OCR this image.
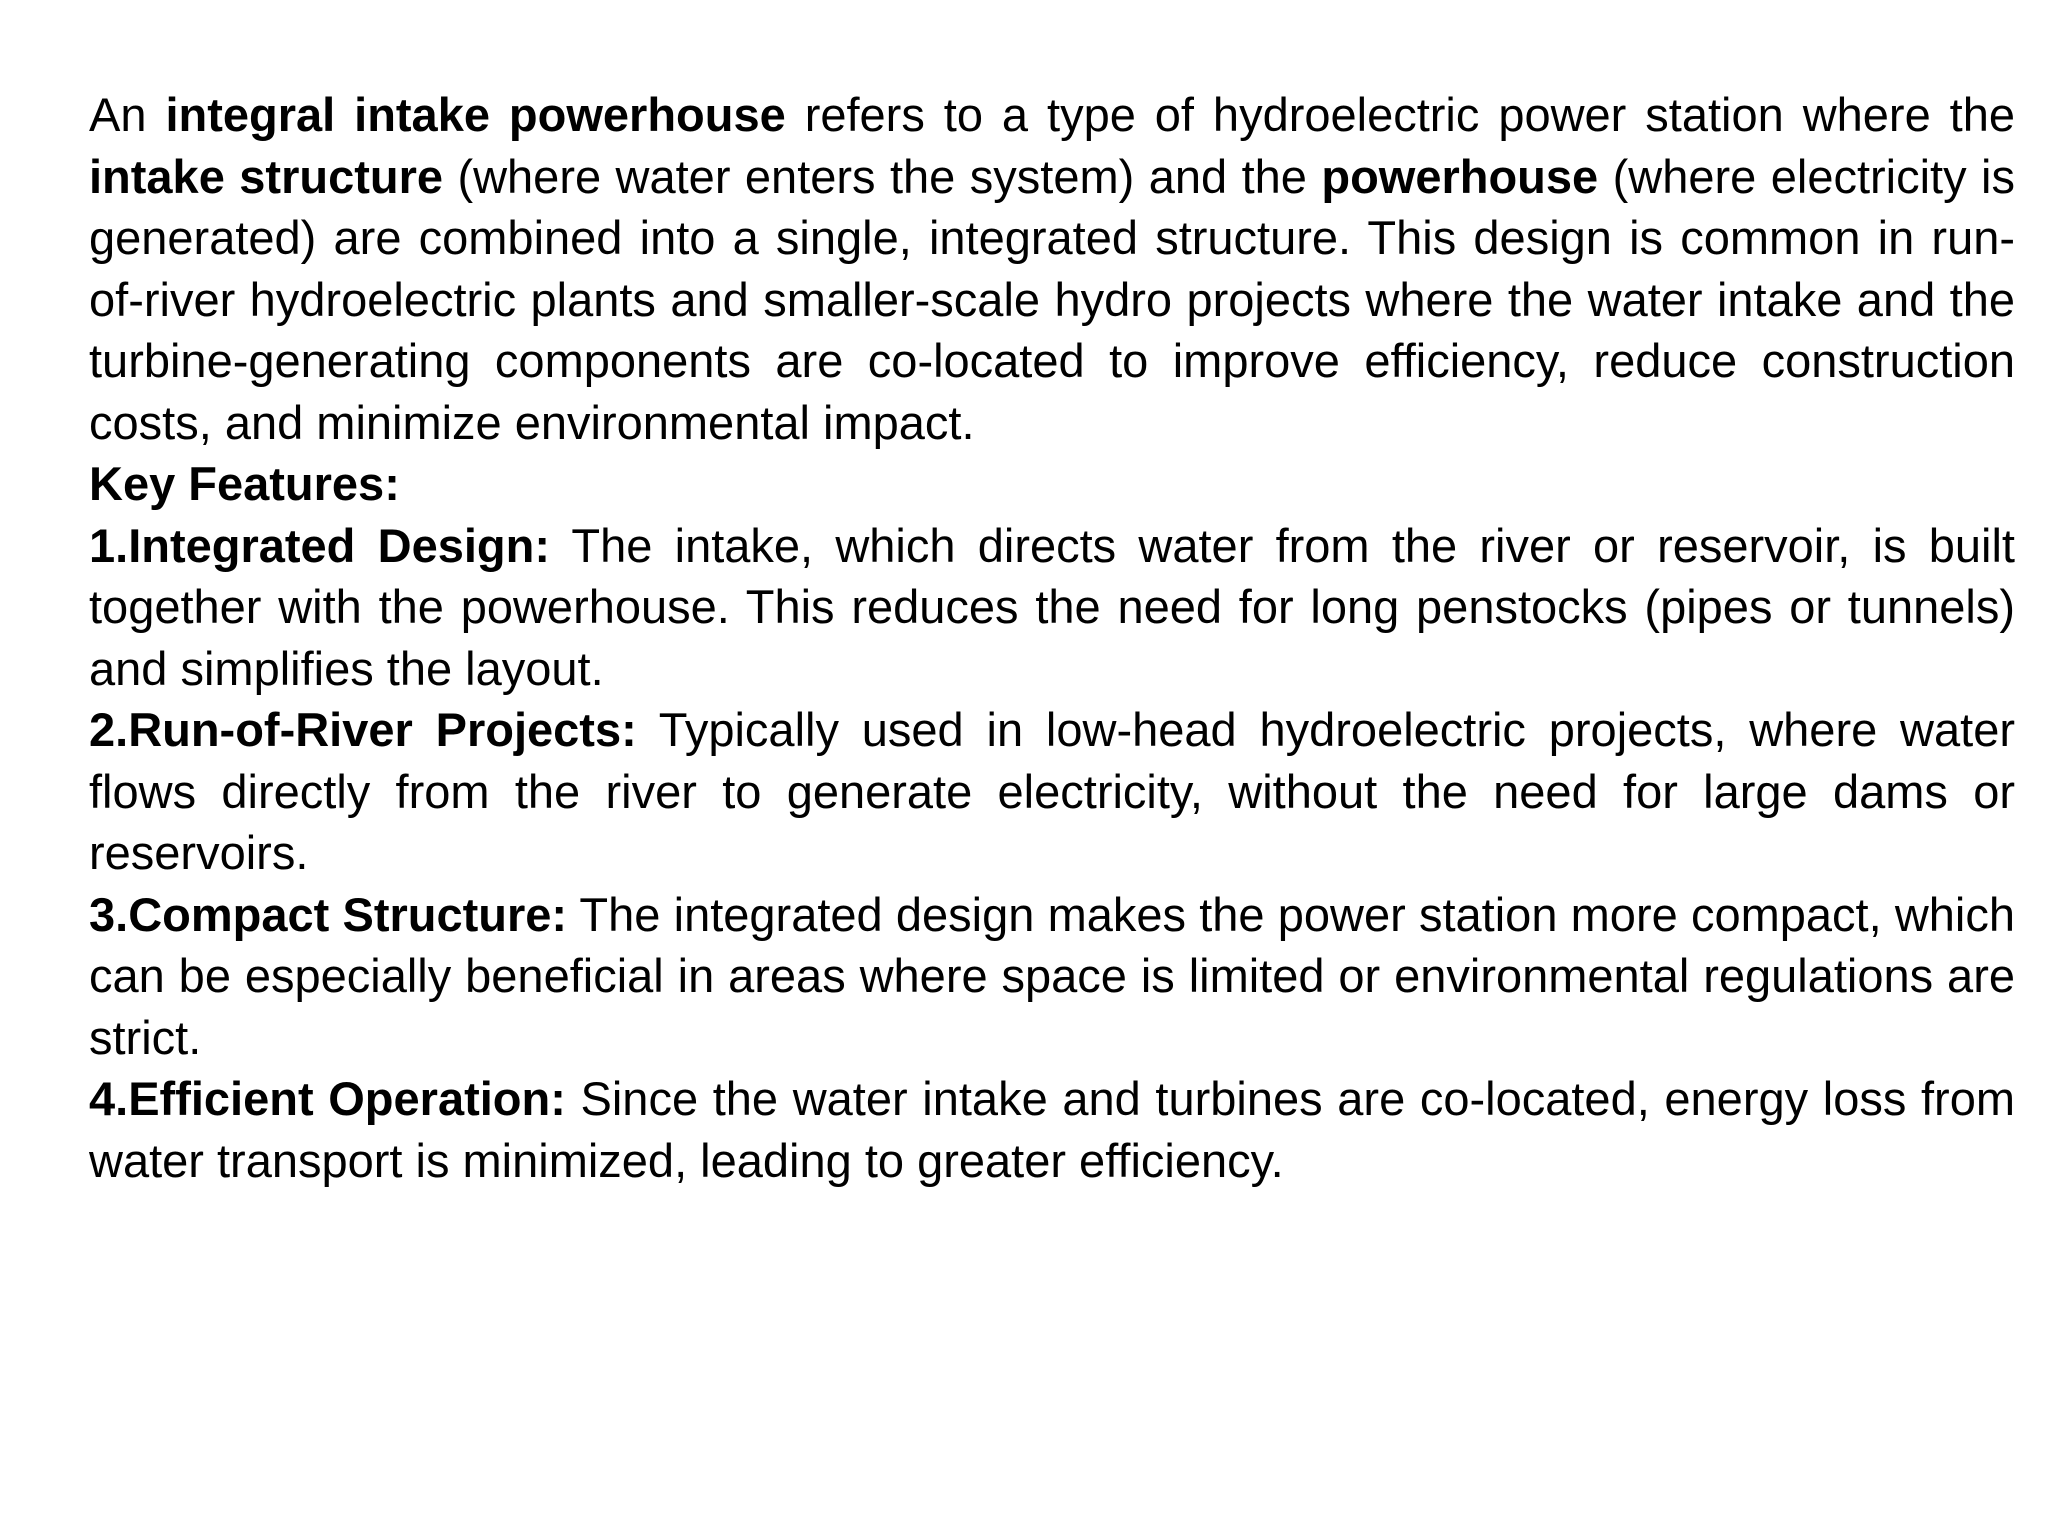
An integral intake powerhouse refers to a type of hydroelectric power station where the intake structure (where water enters the system) and the powerhouse (where electricity is generated) are combined into a single, integrated structure. This design is common in run-of-river hydroelectric plants and smaller-scale hydro projects where the water intake and the turbine-generating components are co-located to improve efficiency, reduce construction costs, and minimize environmental impact.

Key Features:

1.Integrated Design: The intake, which directs water from the river or reservoir, is built together with the powerhouse. This reduces the need for long penstocks (pipes or tunnels) and simplifies the layout.

2.Run-of-River Projects: Typically used in low-head hydroelectric projects, where water flows directly from the river to generate electricity, without the need for large dams or reservoirs.

3.Compact Structure: The integrated design makes the power station more compact, which can be especially beneficial in areas where space is limited or environmental regulations are strict.

4.Efficient Operation: Since the water intake and turbines are co-located, energy loss from water transport is minimized, leading to greater efficiency.
